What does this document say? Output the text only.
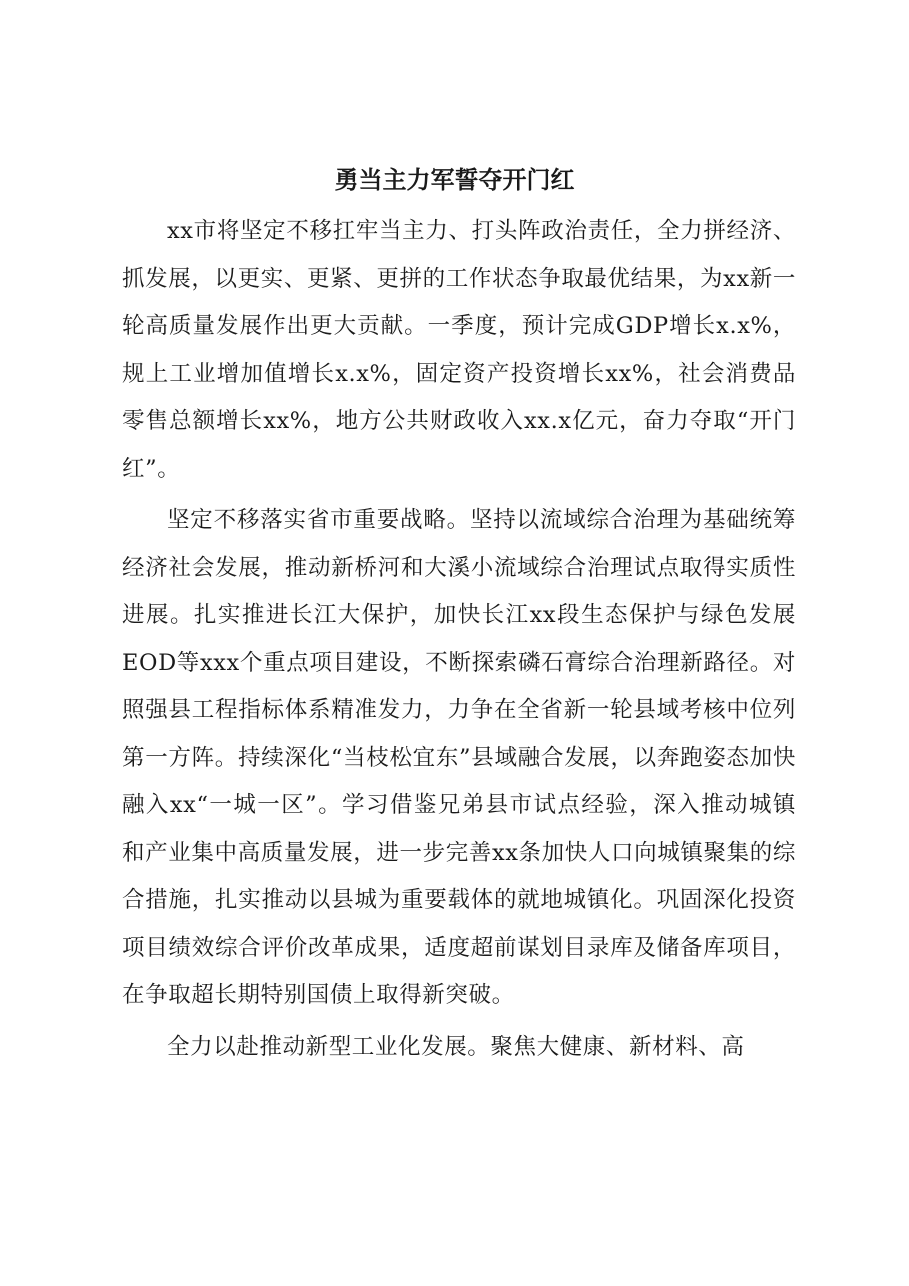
勇当主力军誓夺开门红

xx市将坚定不移扛牢当主力、打头阵政治责任，全力拼经济、抓发展，以更实、更紧、更拼的工作状态争取最优结果，为xx新一轮高质量发展作出更大贡献。一季度，预计完成GDP增长x.x%，规上工业增加值增长x.x%，固定资产投资增长xx%，社会消费品零售总额增长xx%，地方公共财政收入xx.x亿元，奋力夺取“开门红”。

坚定不移落实省市重要战略。坚持以流域综合治理为基础统筹经济社会发展，推动新桥河和大溪小流域综合治理试点取得实质性进展。扎实推进长江大保护，加快长江xx段生态保护与绿色发展EOD等xxx个重点项目建设，不断探索磷石膏综合治理新路径。对照强县工程指标体系精准发力，力争在全省新一轮县域考核中位列第一方阵。持续深化“当枝松宜东”县域融合发展，以奔跑姿态加快融入xx“一城一区”。学习借鉴兄弟县市试点经验，深入推动城镇和产业集中高质量发展，进一步完善xx条加快人口向城镇聚集的综合措施，扎实推动以县城为重要载体的就地城镇化。巩固深化投资项目绩效综合评价改革成果，适度超前谋划目录库及储备库项目，在争取超长期特别国债上取得新突破。

全力以赴推动新型工业化发展。聚焦大健康、新材料、高
